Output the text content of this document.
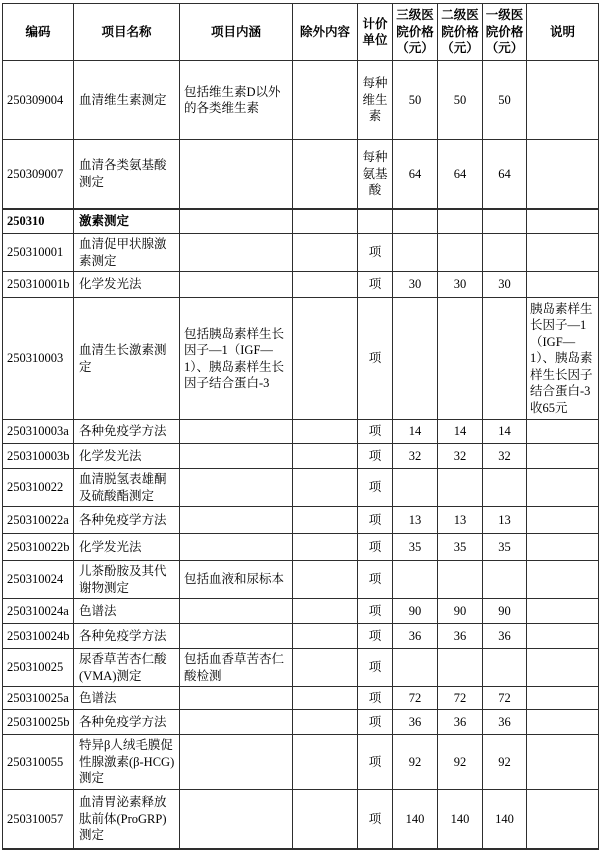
编码	项目名称	项目内涵	除外内容	计价单位	三级医院价格（元）	二级医院价格（元）	一级医院价格（元）	说明
250309004	血清维生素测定	包括维生素D以外的各类维生素		每种维生素	50	50	50	
250309007	血清各类氨基酸测定			每种氨基酸	64	64	64	
250310	激素测定							
250310001	血清促甲状腺激素测定			项				
250310001b	化学发光法			项	30	30	30	
250310003	血清生长激素测定	包括胰岛素样生长因子—1（IGF—1）、胰岛素样生长因子结合蛋白-3		项				胰岛素样生长因子—1（IGF—1）、胰岛素样生长因子结合蛋白-3收65元
250310003a	各种免疫学方法			项	14	14	14	
250310003b	化学发光法			项	32	32	32	
250310022	血清脱氢表雄酮及硫酸酯测定			项				
250310022a	各种免疫学方法			项	13	13	13	
250310022b	化学发光法			项	35	35	35	
250310024	儿茶酚胺及其代谢物测定	包括血液和尿标本		项				
250310024a	色谱法			项	90	90	90	
250310024b	各种免疫学方法			项	36	36	36	
250310025	尿香草苦杏仁酸(VMA)测定	包括血香草苦杏仁酸检测		项				
250310025a	色谱法			项	72	72	72	
250310025b	各种免疫学方法			项	36	36	36	
250310055	特异β人绒毛膜促性腺激素(β-HCG)测定			项	92	92	92	
250310057	血清胃泌素释放肽前体(ProGRP)测定			项	140	140	140	
